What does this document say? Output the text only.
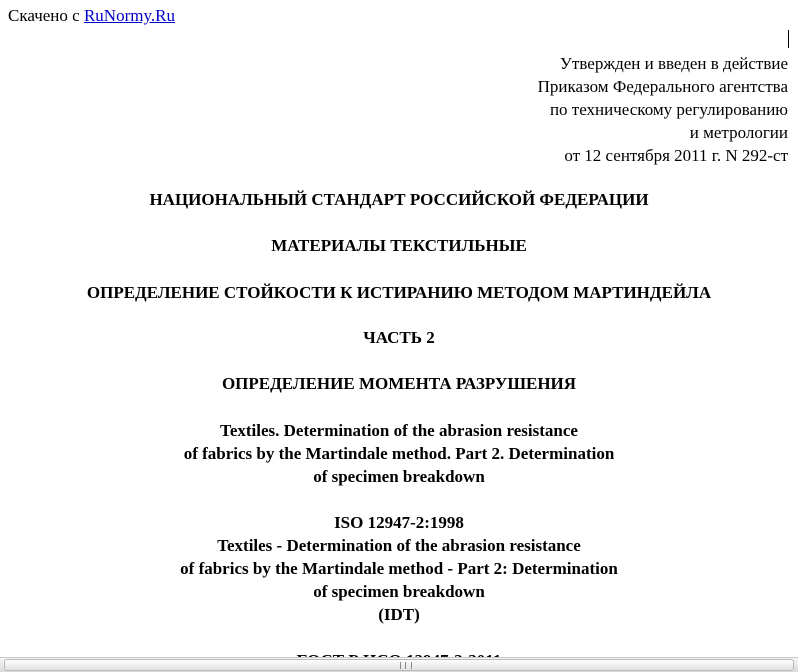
Скачено с RuNormy.Ru
Утвержден и введен в действие
Приказом Федерального агентства
по техническому регулированию
и метрологии
от 12 сентября 2011 г. N 292-ст
НАЦИОНАЛЬНЫЙ СТАНДАРТ РОССИЙСКОЙ ФЕДЕРАЦИИ
МАТЕРИАЛЫ ТЕКСТИЛЬНЫЕ
ОПРЕДЕЛЕНИЕ СТОЙКОСТИ К ИСТИРАНИЮ МЕТОДОМ МАРТИНДЕЙЛА
ЧАСТЬ 2
ОПРЕДЕЛЕНИЕ МОМЕНТА РАЗРУШЕНИЯ
Textiles. Determination of the abrasion resistance
of fabrics by the Martindale method. Part 2. Determination
of specimen breakdown
ISO 12947-2:1998
Textiles - Determination of the abrasion resistance
of fabrics by the Martindale method - Part 2: Determination
of specimen breakdown
(IDT)
